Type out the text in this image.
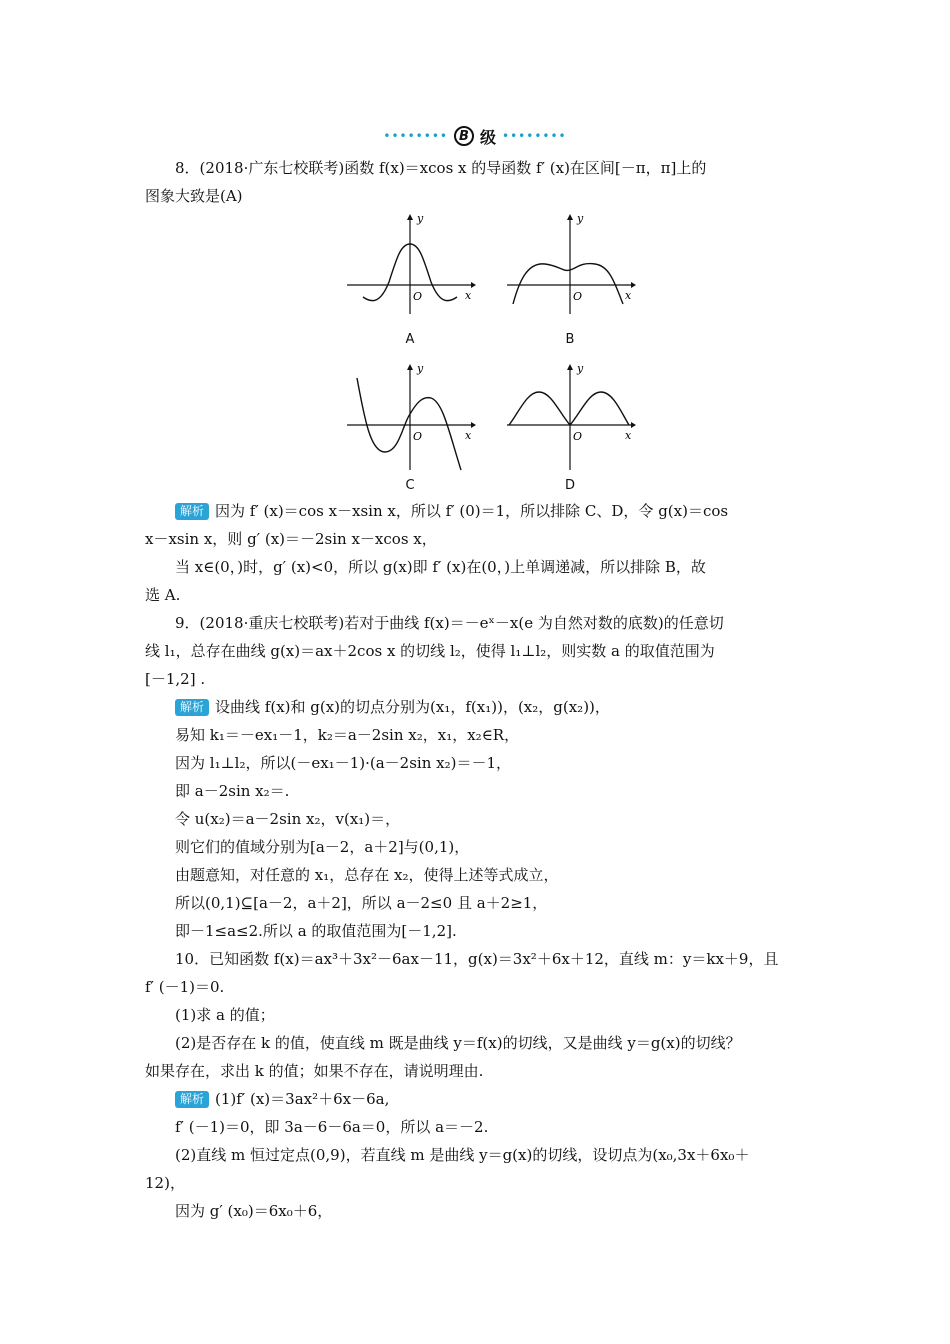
•••••••• B 级 ••••••••
8．(2018·广东七校联考)函数 f(x)＝xcos x 的导函数 f′ (x)在区间[－π，π]上的
图象大致是(A)
y
x
O
A
y
x
O
B
y
x
O
C
y
x
O
D
解析 因为 f′ (x)＝cos x－xsin x，所以 f′ (0)＝1，所以排除 C、D，令 g(x)＝cos
x－xsin x，则 g′ (x)＝－2sin x－xcos x，
当 x∈(0，)时，g′ (x)<0，所以 g(x)即 f′ (x)在(0，)上单调递减，所以排除 B，故
选 A.
9．(2018·重庆七校联考)若对于曲线 f(x)＝－eˣ－x(e 为自然对数的底数)的任意切
线 l₁，总存在曲线 g(x)＝ax＋2cos x 的切线 l₂，使得 l₁⊥l₂，则实数 a 的取值范围为
[－1,2] .
解析 设曲线 f(x)和 g(x)的切点分别为(x₁，f(x₁))，(x₂，g(x₂))，
易知 k₁＝－ex₁－1，k₂＝a－2sin x₂，x₁，x₂∈R，
因为 l₁⊥l₂，所以(－ex₁－1)·(a－2sin x₂)＝－1，
即 a－2sin x₂＝.
令 u(x₂)＝a－2sin x₂，v(x₁)＝，
则它们的值域分别为[a－2，a＋2]与(0,1)，
由题意知，对任意的 x₁，总存在 x₂，使得上述等式成立，
所以(0,1)⊆[a－2，a＋2]，所以 a－2≤0 且 a＋2≥1，
即－1≤a≤2.所以 a 的取值范围为[－1,2].
10．已知函数 f(x)＝ax³＋3x²－6ax－11，g(x)＝3x²＋6x＋12，直线 m：y＝kx＋9，且
f′ (－1)＝0.
(1)求 a 的值；
(2)是否存在 k 的值，使直线 m 既是曲线 y＝f(x)的切线，又是曲线 y＝g(x)的切线？
如果存在，求出 k 的值；如果不存在，请说明理由.
解析 (1)f′ (x)＝3ax²＋6x－6a,
f′ (－1)＝0，即 3a－6－6a＝0，所以 a＝－2.
(2)直线 m 恒过定点(0,9)，若直线 m 是曲线 y＝g(x)的切线，设切点为(x₀,3x＋6x₀＋
12)，
因为 g′ (x₀)＝6x₀＋6，
